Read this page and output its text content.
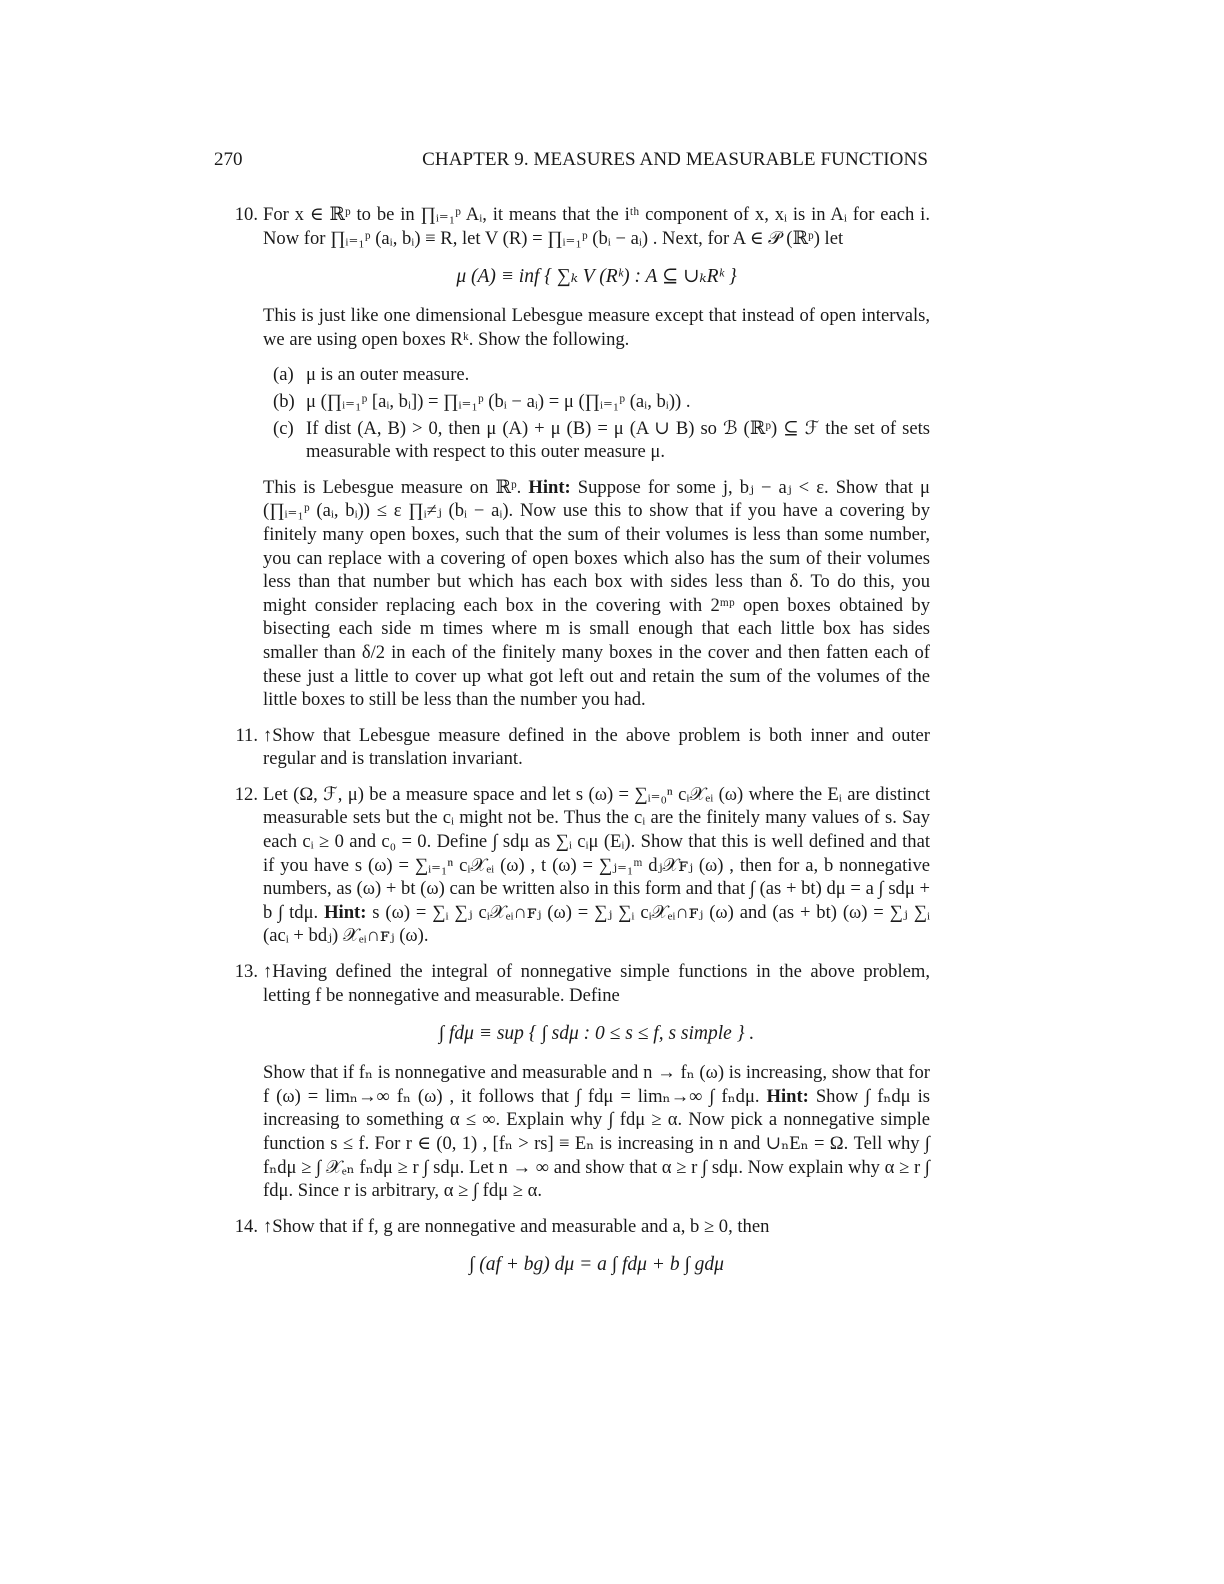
270	CHAPTER 9. MEASURES AND MEASURABLE FUNCTIONS
10. For x ∈ ℝᵖ to be in ∏ᵢ₌₁ᵖ Aᵢ, it means that the iᵗʰ component of x, xᵢ is in Aᵢ for each i. Now for ∏ᵢ₌₁ᵖ (aᵢ, bᵢ) ≡ R, let V (R) = ∏ᵢ₌₁ᵖ (bᵢ − aᵢ) . Next, for A ∈ 𝒫 (ℝᵖ) let

μ (A) ≡ inf { ∑ₖ V (Rᵏ) : A ⊆ ∪ₖRᵏ }

This is just like one dimensional Lebesgue measure except that instead of open intervals, we are using open boxes Rᵏ. Show the following.

(a) μ is an outer measure.
(b) μ (∏ᵢ₌₁ᵖ [aᵢ, bᵢ]) = ∏ᵢ₌₁ᵖ (bᵢ − aᵢ) = μ (∏ᵢ₌₁ᵖ (aᵢ, bᵢ)) .
(c) If dist (A, B) > 0, then μ (A) + μ (B) = μ (A ∪ B) so ℬ (ℝᵖ) ⊆ ℱ the set of sets measurable with respect to this outer measure μ.

This is Lebesgue measure on ℝᵖ. Hint: Suppose for some j, bⱼ − aⱼ < ε. Show that μ (∏ᵢ₌₁ᵖ (aᵢ, bᵢ)) ≤ ε ∏ᵢ≠ⱼ (bᵢ − aᵢ). Now use this to show that if you have a covering by finitely many open boxes, such that the sum of their volumes is less than some number, you can replace with a covering of open boxes which also has the sum of their volumes less than that number but which has each box with sides less than δ. To do this, you might consider replacing each box in the covering with 2ᵐᵖ open boxes obtained by bisecting each side m times where m is small enough that each little box has sides smaller than δ/2 in each of the finitely many boxes in the cover and then fatten each of these just a little to cover up what got left out and retain the sum of the volumes of the little boxes to still be less than the number you had.

11. ↑Show that Lebesgue measure defined in the above problem is both inner and outer regular and is translation invariant.

12. Let (Ω, ℱ, μ) be a measure space and let s (ω) = ∑ᵢ₌₀ⁿ cᵢ𝒳ₑᵢ (ω) where the Eᵢ are distinct measurable sets but the cᵢ might not be. Thus the cᵢ are the finitely many values of s. Say each cᵢ ≥ 0 and c₀ = 0. Define ∫ sdμ as ∑ᵢ cᵢμ (Eᵢ). Show that this is well defined and that if you have s (ω) = ∑ᵢ₌₁ⁿ cᵢ𝒳ₑᵢ (ω) , t (ω) = ∑ⱼ₌₁ᵐ dⱼ𝒳ꜰⱼ (ω) , then for a, b nonnegative numbers, as (ω) + bt (ω) can be written also in this form and that ∫ (as + bt) dμ = a ∫ sdμ + b ∫ tdμ. Hint: s (ω) = ∑ᵢ ∑ⱼ cᵢ𝒳ₑᵢ∩ꜰⱼ (ω) = ∑ⱼ ∑ᵢ cᵢ𝒳ₑᵢ∩ꜰⱼ (ω) and (as + bt) (ω) = ∑ⱼ ∑ᵢ (acᵢ + bdⱼ) 𝒳ₑᵢ∩ꜰⱼ (ω).

13. ↑Having defined the integral of nonnegative simple functions in the above problem, letting f be nonnegative and measurable. Define

∫ fdμ ≡ sup { ∫ sdμ : 0 ≤ s ≤ f, s simple } .

Show that if fₙ is nonnegative and measurable and n → fₙ (ω) is increasing, show that for f (ω) = limₙ→∞ fₙ (ω) , it follows that ∫ fdμ = limₙ→∞ ∫ fₙdμ. Hint: Show ∫ fₙdμ is increasing to something α ≤ ∞. Explain why ∫ fdμ ≥ α. Now pick a nonnegative simple function s ≤ f. For r ∈ (0, 1) , [fₙ > rs] ≡ Eₙ is increasing in n and ∪ₙEₙ = Ω. Tell why ∫ fₙdμ ≥ ∫ 𝒳ₑₙ fₙdμ ≥ r ∫ sdμ. Let n → ∞ and show that α ≥ r ∫ sdμ. Now explain why α ≥ r ∫ fdμ. Since r is arbitrary, α ≥ ∫ fdμ ≥ α.

14. ↑Show that if f, g are nonnegative and measurable and a, b ≥ 0, then

∫ (af + bg) dμ = a ∫ fdμ + b ∫ gdμ
